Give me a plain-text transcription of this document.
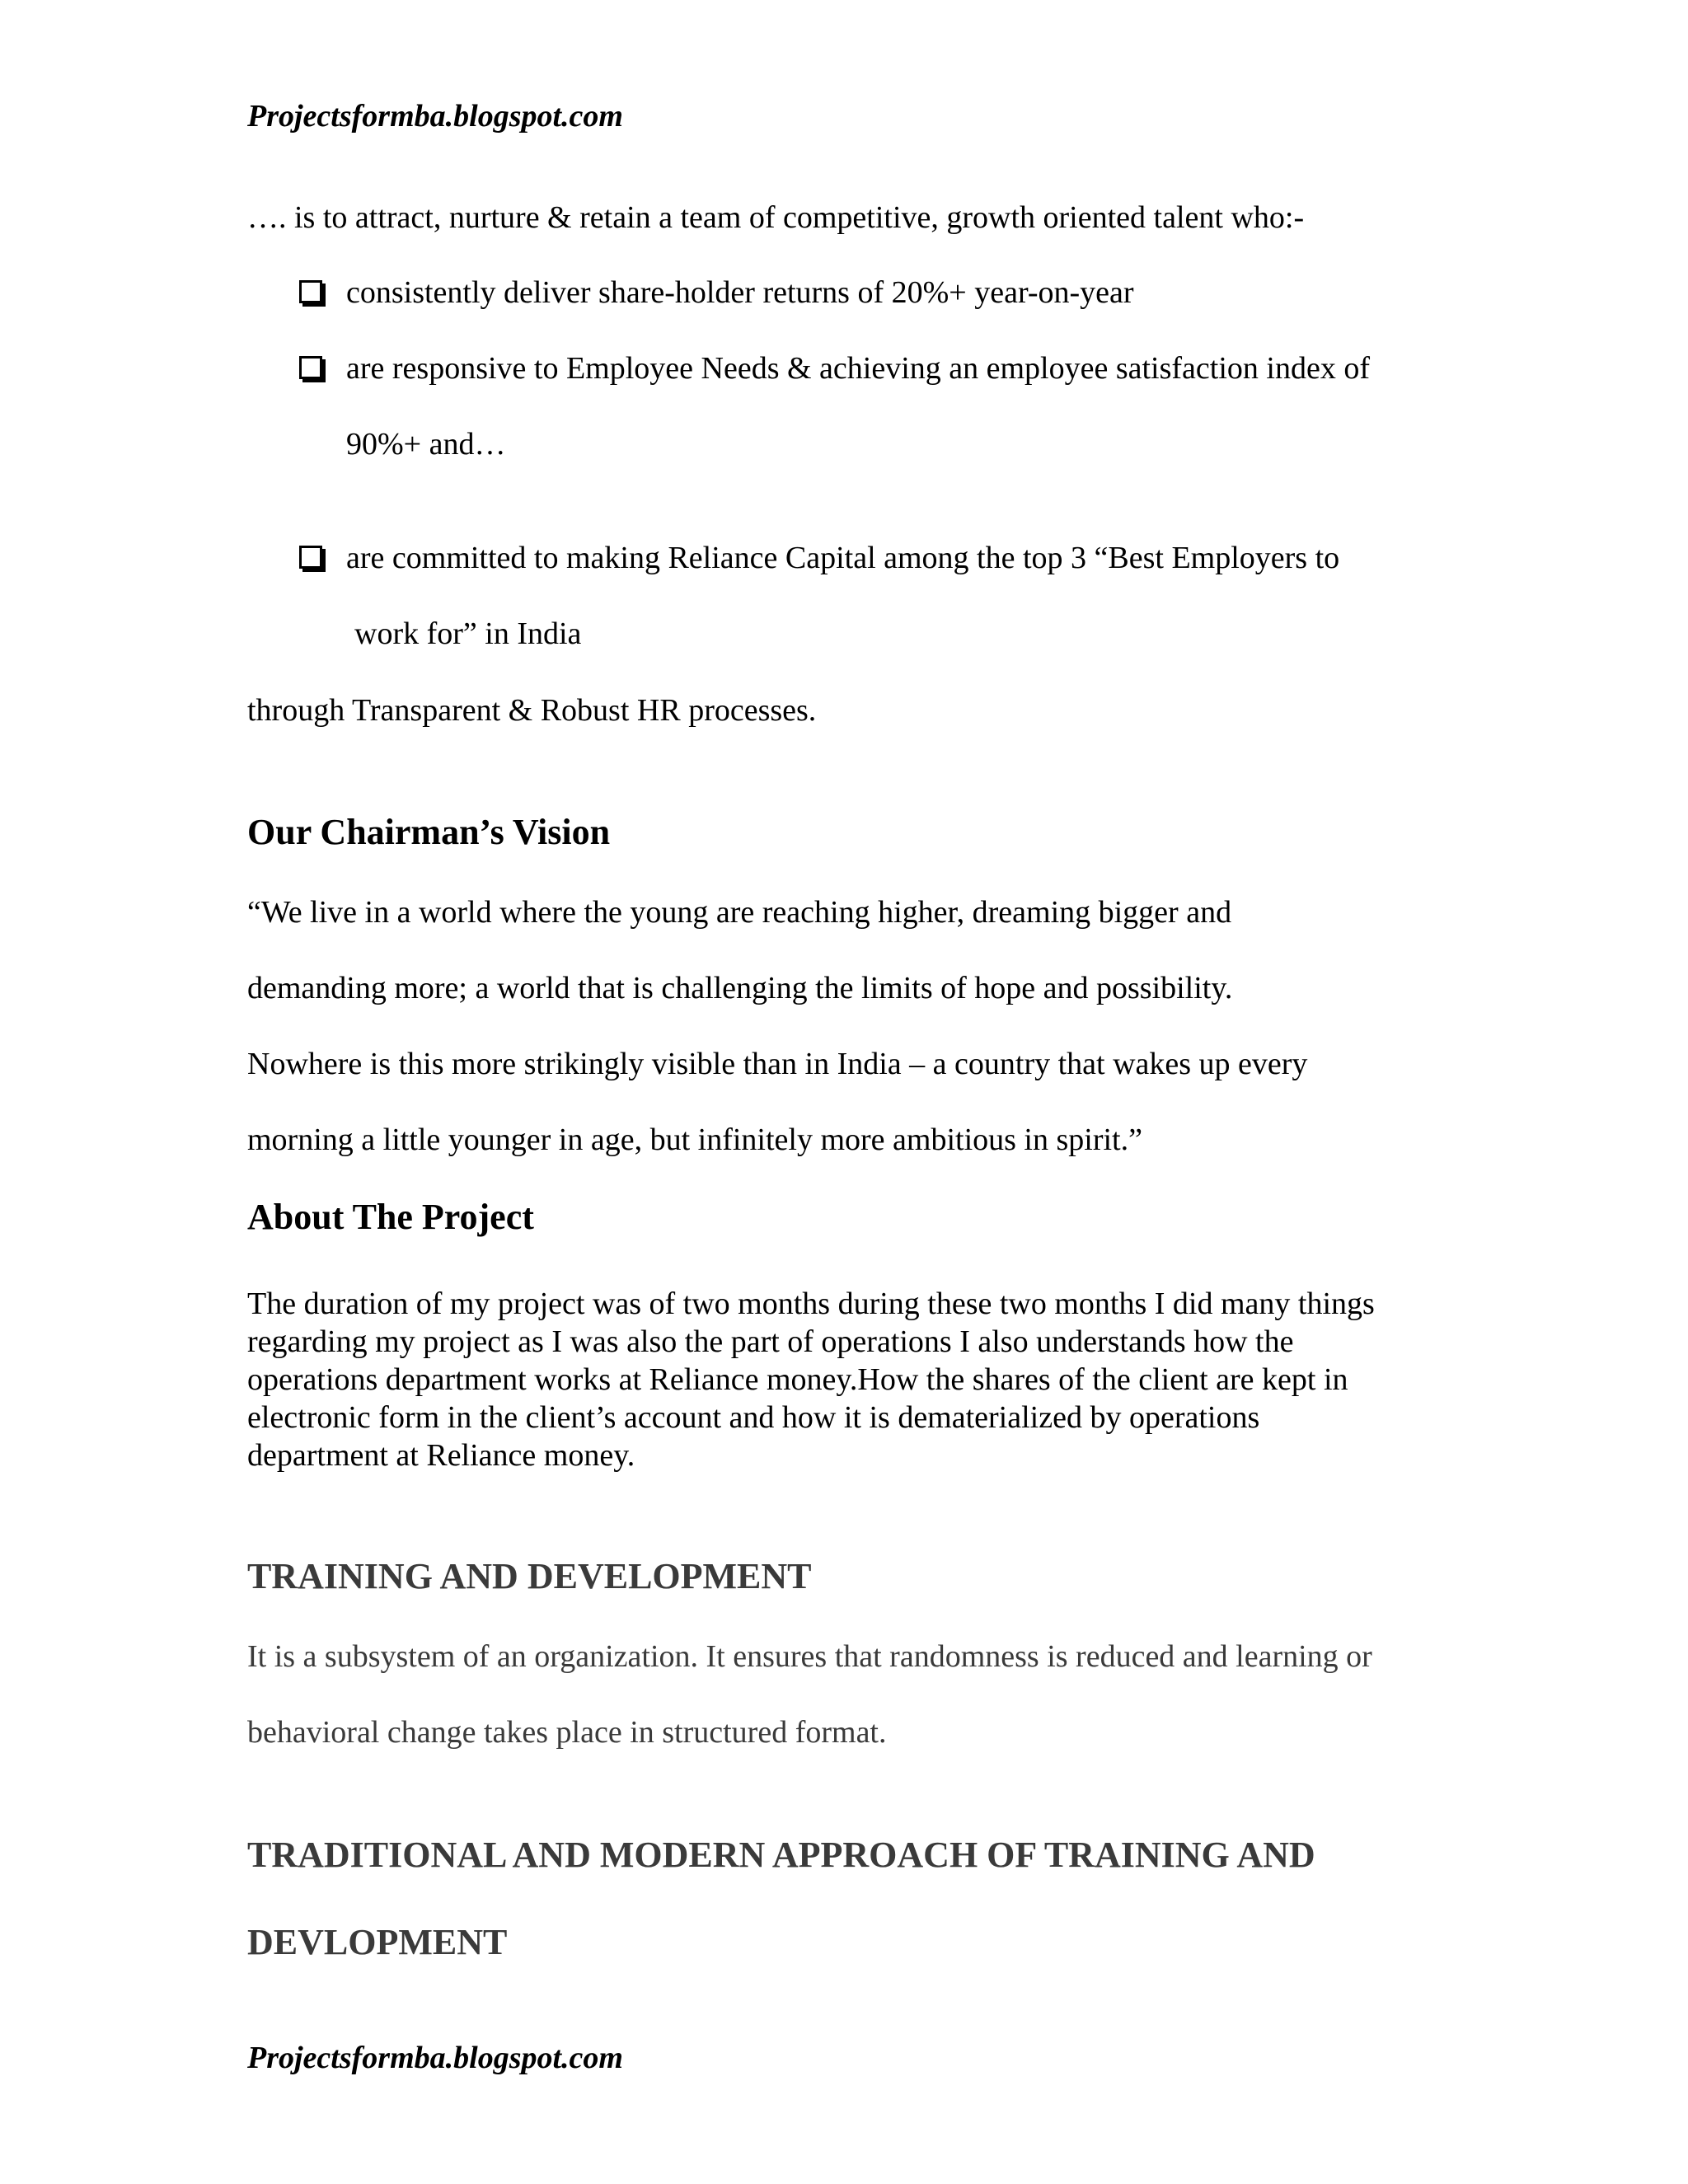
Projectsformba.blogspot.com
…. is to attract, nurture & retain a team of competitive, growth oriented talent who:-
consistently deliver share-holder returns of 20%+ year-on-year
are responsive to Employee Needs & achieving an employee satisfaction index of
90%+ and…
are committed to making Reliance Capital among the top 3 “Best Employers to
work for” in India
through Transparent & Robust HR processes.
Our Chairman’s Vision
“We live in a world where the young are reaching higher, dreaming bigger and
demanding more; a world that is challenging the limits of hope and possibility.
Nowhere is this more strikingly visible than in India – a country that wakes up every
morning a little younger in age, but infinitely more ambitious in spirit.”
About The Project
The duration of my project was of two months during these two months I did many things
regarding my project as I was also the part of operations I also understands how the
operations department works at Reliance money.How the shares of the client are kept in
electronic form in the client’s account and how it is dematerialized by operations
department at Reliance money.
TRAINING AND DEVELOPMENT
It is a subsystem of an organization. It ensures that randomness is reduced and learning or
behavioral change takes place in structured format.
TRADITIONAL AND MODERN APPROACH OF TRAINING AND
DEVLOPMENT
Projectsformba.blogspot.com
